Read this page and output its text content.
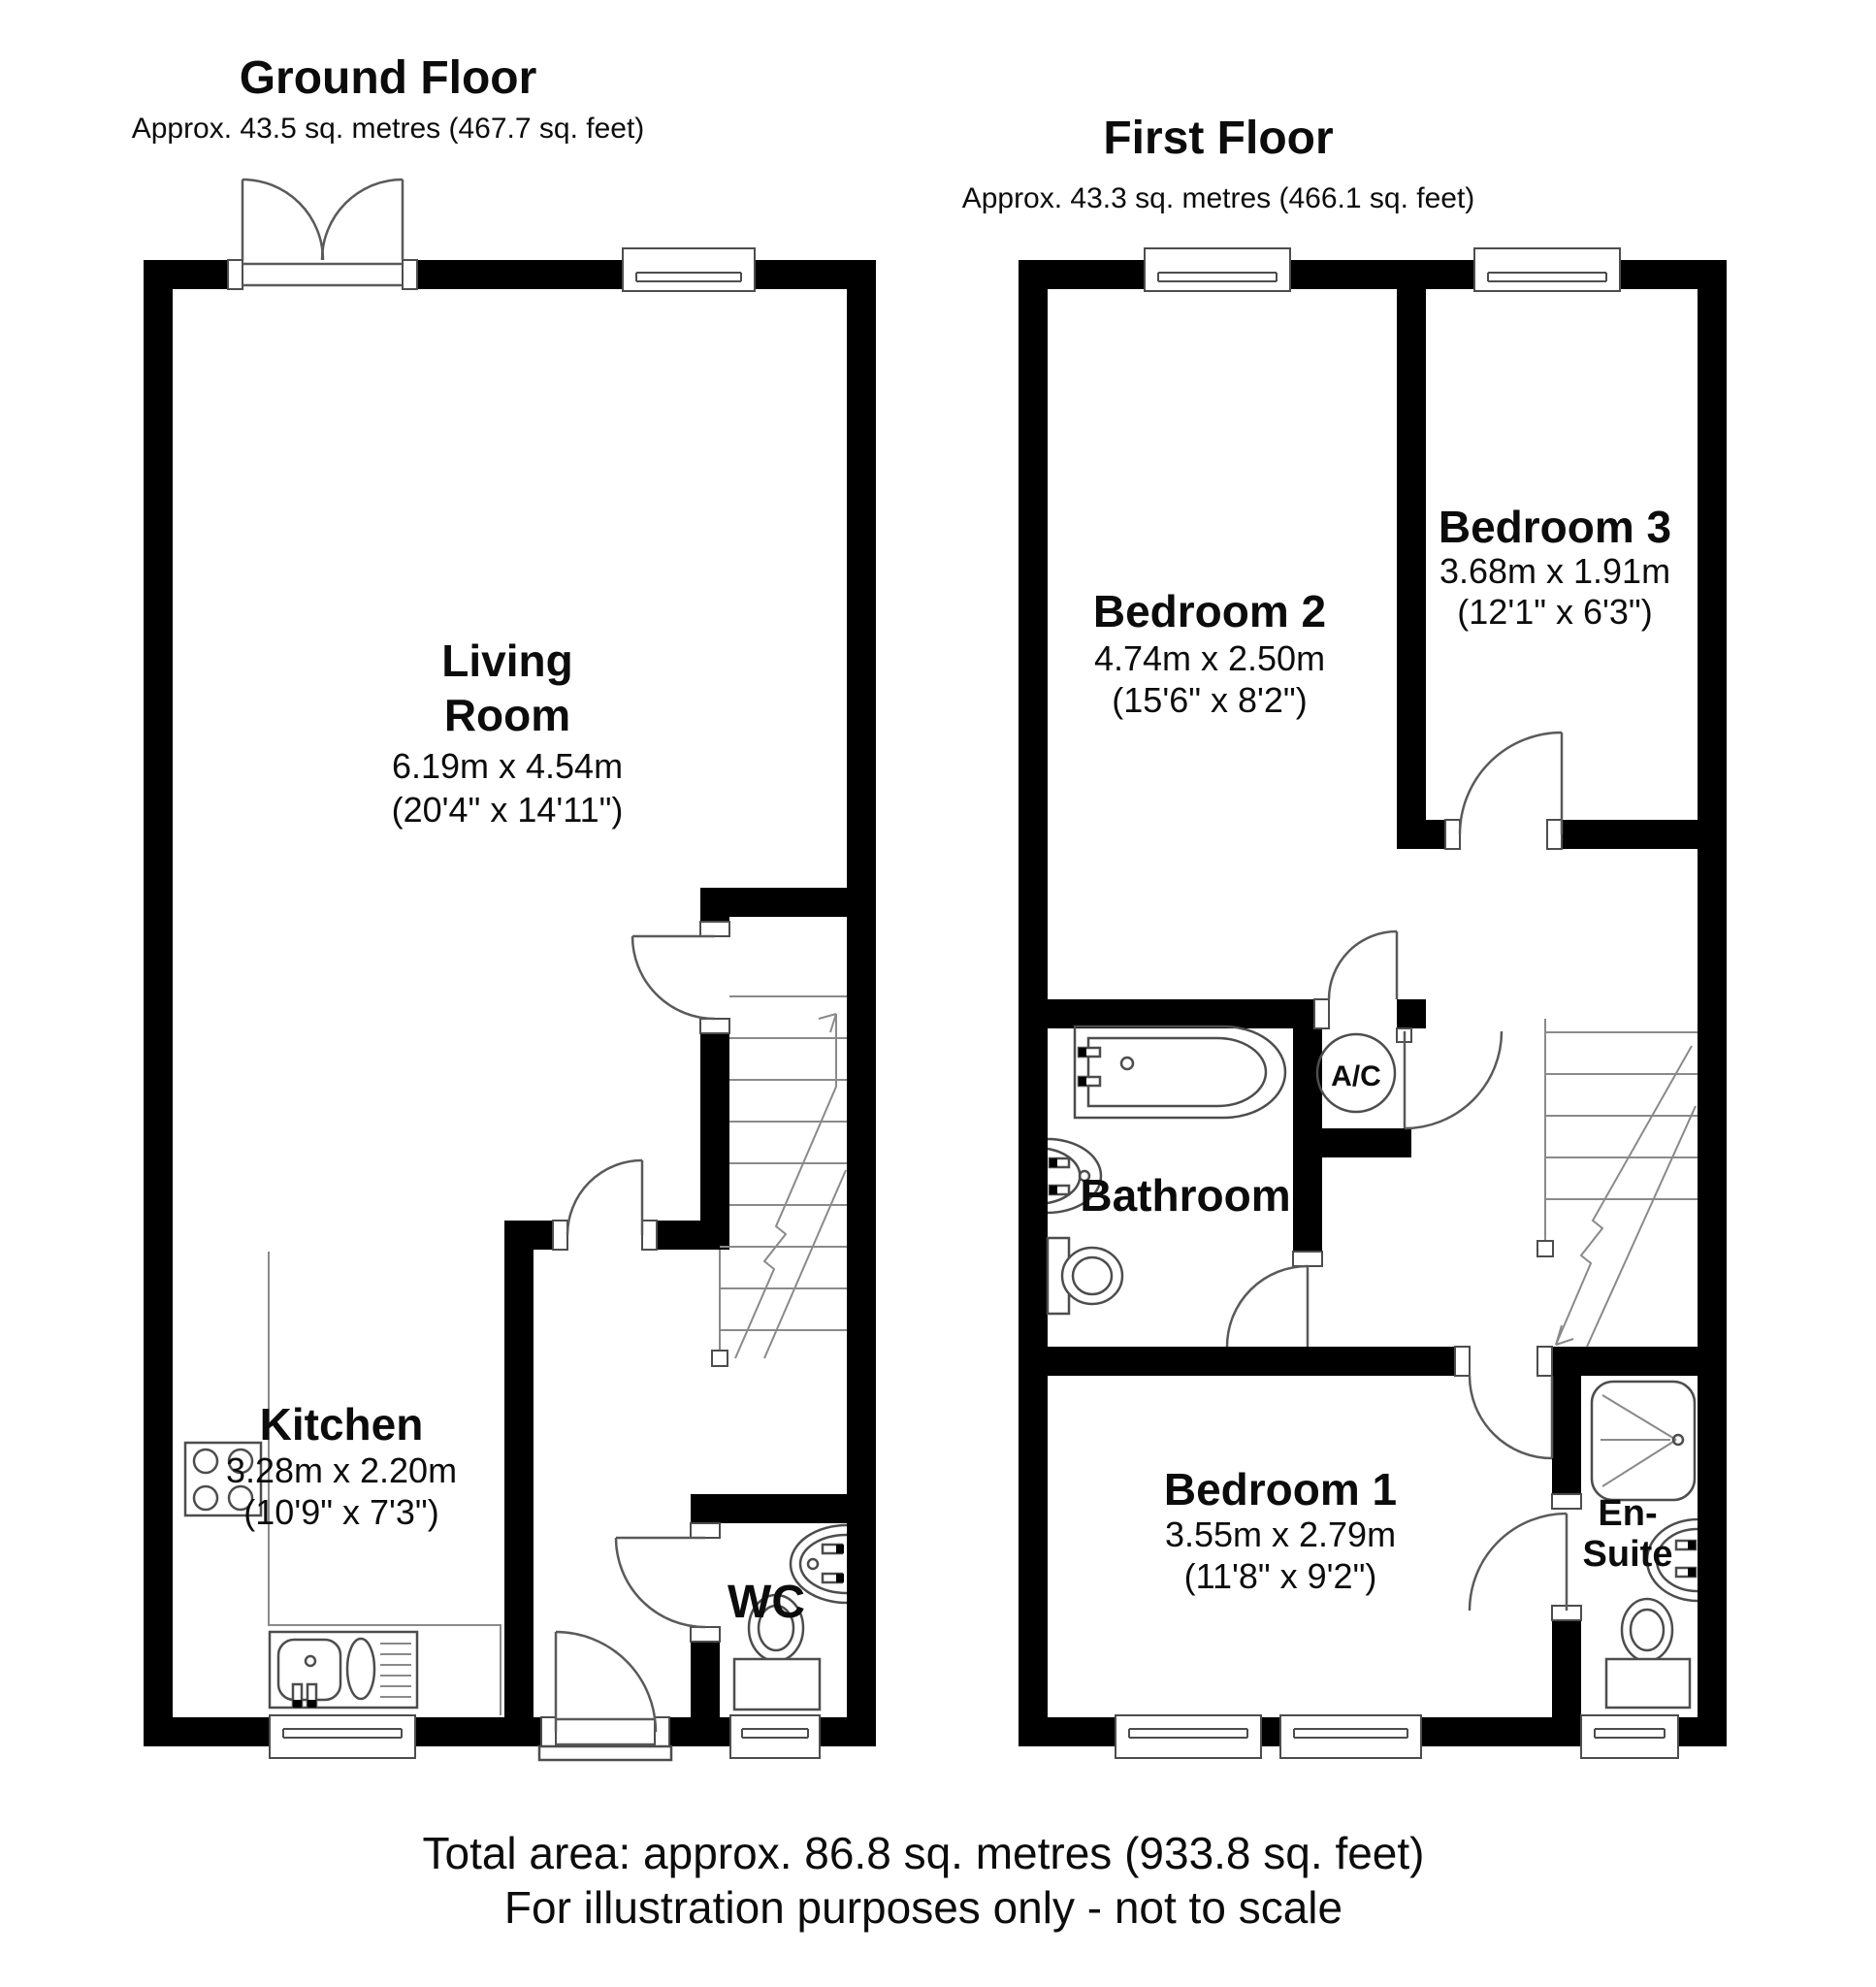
Ground Floor
Approx. 43.5 sq. metres (467.7 sq. feet)
Living
Room
6.19m x 4.54m
(20'4" x 14'11")
Kitchen
3.28m x 2.20m
(10'9" x 7'3")
WC
First Floor
Approx. 43.3 sq. metres (466.1 sq. feet)
Bedroom 2
4.74m x 2.50m
(15'6" x 8'2")
Bedroom 3
3.68m x 1.91m
(12'1" x 6'3")
Bathroom
A/C
Bedroom 1
3.55m x 2.79m
(11'8" x 9'2")
En-
Suite
Total area: approx. 86.8 sq. metres (933.8 sq. feet)
For illustration purposes only - not to scale
